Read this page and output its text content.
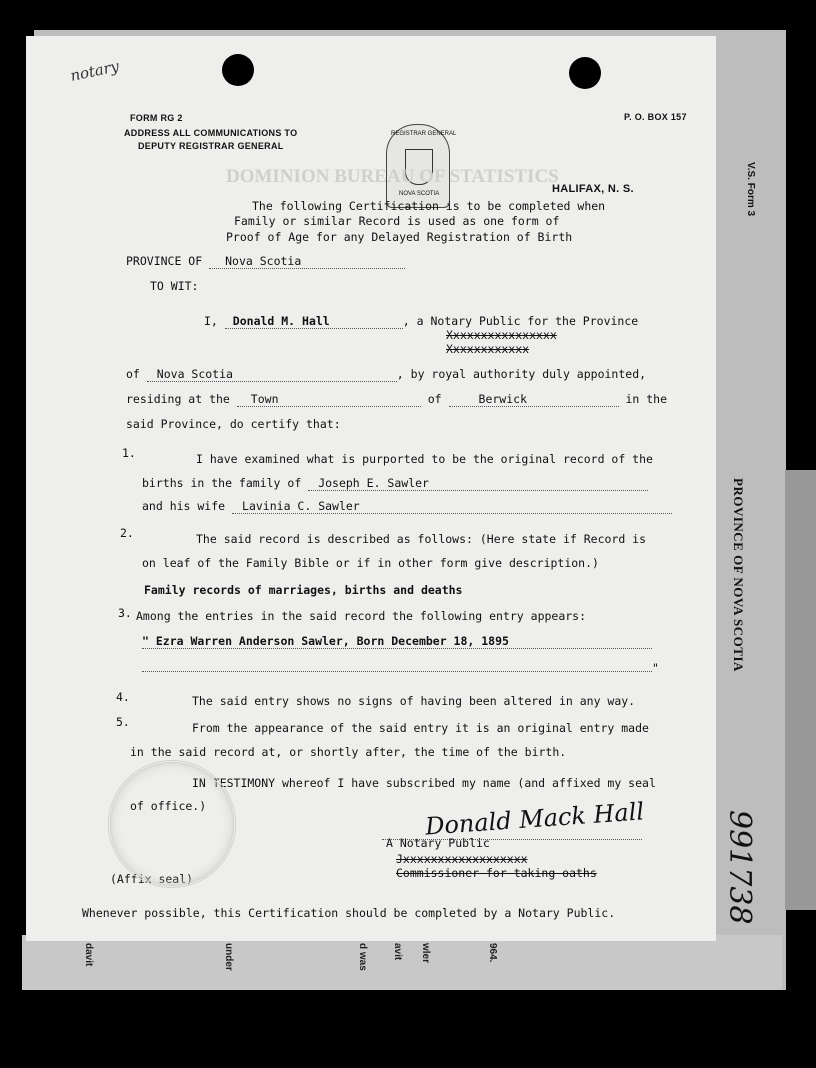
davit	under	d was avit wler	964.
V.S. Form 3
PROVINCE OF NOVA SCOTIA
991738
FORM RG 2
ADDRESS ALL COMMUNICATIONS TO
DEPUTY REGISTRAR GENERAL
P. O. BOX 157
REGISTRAR GENERAL
NOVA SCOTIA
DOMINION BUREAU OF STATISTICS
HALIFAX, N. S.
The following Certification is to be completed when
Family or similar Record is used as one form of
Proof of Age for any Delayed Registration of Birth
PROVINCE OF Nova Scotia
TO WIT:
I, Donald M. Hall	, a Notary Public for the Province
Xxxxxxxxxxxxxxxx
Xxxxxxxxxxxx
of Nova Scotia	, by royal authority duly appointed,
residing at the Town	of	Berwick	in the
said Province, do certify that:
1.	I have examined what is purported to be the original record of the
births in the family of Joseph E. Sawler
and his wife Lavinia C. Sawler
2.	The said record is described as follows: (Here state if Record is
on leaf of the Family Bible or if in other form give description.)
Family records of marriages, births and deaths
3. Among the entries in the said record the following entry appears:
" Ezra Warren Anderson Sawler, Born December 18, 1895
"
4.	The said entry shows no signs of having been altered in any way.
5.	From the appearance of the said entry it is an original entry made
in the said record at, or shortly after, the time of the birth.
IN TESTIMONY whereof I have subscribed my name (and affixed my seal
of office.)
A Notary Public
Jxxxxxxxxxxxxxxxxxx
Commissioner for taking oaths
(Affix seal)
Whenever possible, this Certification should be completed by a Notary Public.
Donald Mack Hall
notary
